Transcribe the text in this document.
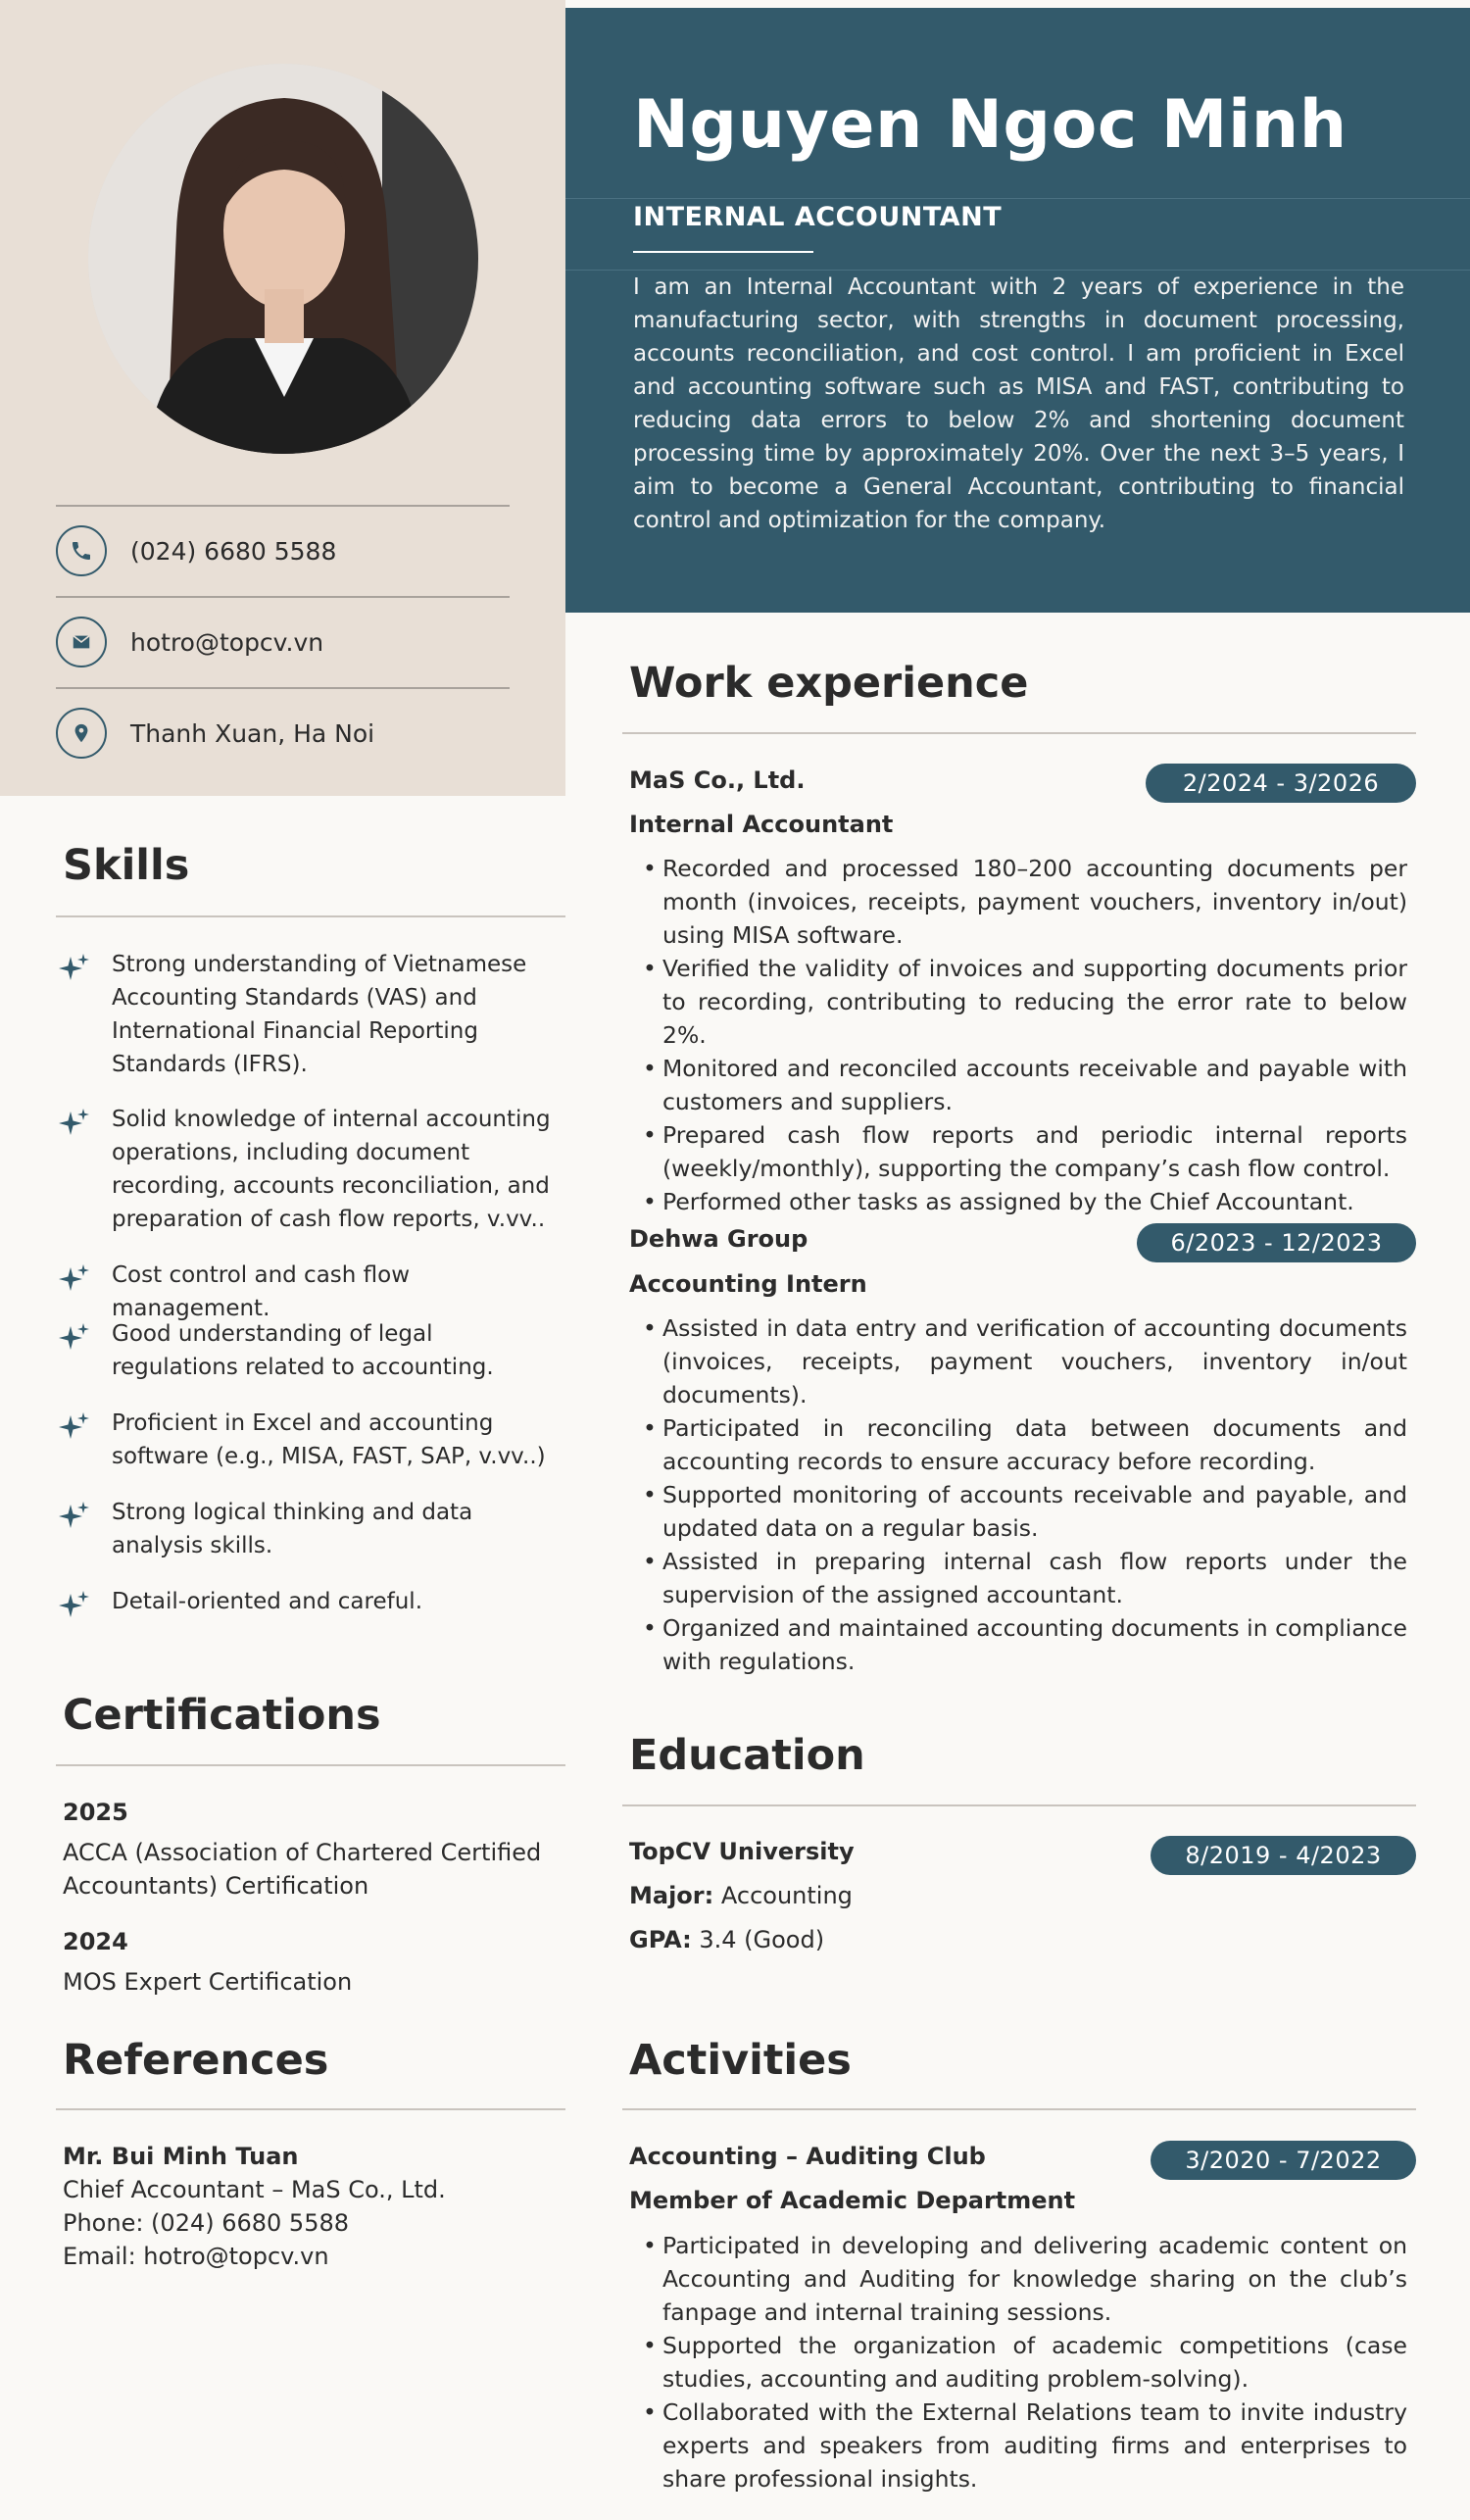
(024) 6680 5588
hotro@topcv.vn
Thanh Xuan, Ha Noi
Nguyen Ngoc Minh
INTERNAL ACCOUNTANT
I am an Internal Accountant with 2 years of experience in the manufacturing sector, with strengths in document processing, accounts reconciliation, and cost control. I am proficient in Excel and accounting software such as MISA and FAST, contributing to reducing data errors to below 2% and shortening document processing time by approximately 20%. Over the next 3–5 years, I aim to become a General Accountant, contributing to financial control and optimization for the company.
Skills
Strong understanding of Vietnamese Accounting Standards (VAS) and International Financial Reporting Standards (IFRS).
Solid knowledge of internal accounting operations, including document recording, accounts reconciliation, and preparation of cash flow reports, v.vv..
Cost control and cash flow management.
Good understanding of legal regulations related to accounting.
Proficient in Excel and accounting software (e.g., MISA, FAST, SAP, v.vv..)
Strong logical thinking and data analysis skills.
Detail-oriented and careful.
Certifications
2025
ACCA (Association of Chartered Certified Accountants) Certification
2024
MOS Expert Certification
References
Mr. Bui Minh Tuan
Chief Accountant – MaS Co., Ltd.
Phone: (024) 6680 5588
Email: hotro@topcv.vn
Work experience
MaS Co., Ltd.	2/2024 - 3/2026
Internal Accountant
• Recorded and processed 180–200 accounting documents per month (invoices, receipts, payment vouchers, inventory in/out) using MISA software.
• Verified the validity of invoices and supporting documents prior to recording, contributing to reducing the error rate to below 2%.
• Monitored and reconciled accounts receivable and payable with customers and suppliers.
• Prepared cash flow reports and periodic internal reports (weekly/monthly), supporting the company’s cash flow control.
• Performed other tasks as assigned by the Chief Accountant.
Dehwa Group	6/2023 - 12/2023
Accounting Intern
• Assisted in data entry and verification of accounting documents (invoices, receipts, payment vouchers, inventory in/out documents).
• Participated in reconciling data between documents and accounting records to ensure accuracy before recording.
• Supported monitoring of accounts receivable and payable, and updated data on a regular basis.
• Assisted in preparing internal cash flow reports under the supervision of the assigned accountant.
• Organized and maintained accounting documents in compliance with regulations.
Education
TopCV University	8/2019 - 4/2023
Major: Accounting
GPA: 3.4 (Good)
Activities
Accounting – Auditing Club	3/2020 - 7/2022
Member of Academic Department
• Participated in developing and delivering academic content on Accounting and Auditing for knowledge sharing on the club’s fanpage and internal training sessions.
• Supported the organization of academic competitions (case studies, accounting and auditing problem-solving).
• Collaborated with the External Relations team to invite industry experts and speakers from auditing firms and enterprises to share professional insights.
